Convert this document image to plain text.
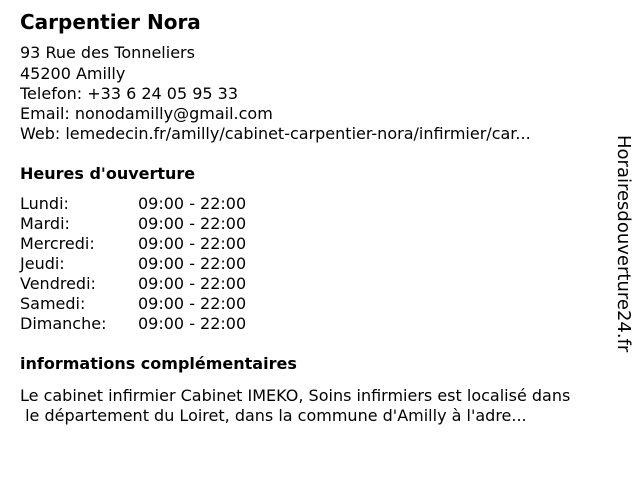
Carpentier Nora
93 Rue des Tonneliers
45200 Amilly
Telefon: +33 6 24 05 95 33
Email: nonodamilly@gmail.com
Web: lemedecin.fr/amilly/cabinet-carpentier-nora/infirmier/car...
Heures d'ouverture
Lundi:	09:00 - 22:00
Mardi:	09:00 - 22:00
Mercredi:	09:00 - 22:00
Jeudi:	09:00 - 22:00
Vendredi:	09:00 - 22:00
Samedi:	09:00 - 22:00
Dimanche: 09:00 - 22:00
informations complémentaires
Le cabinet infirmier Cabinet IMEKO, Soins infirmiers est localisé dans
le département du Loiret, dans la commune d'Amilly à l'adre...
Horairesdouverture24.fr
